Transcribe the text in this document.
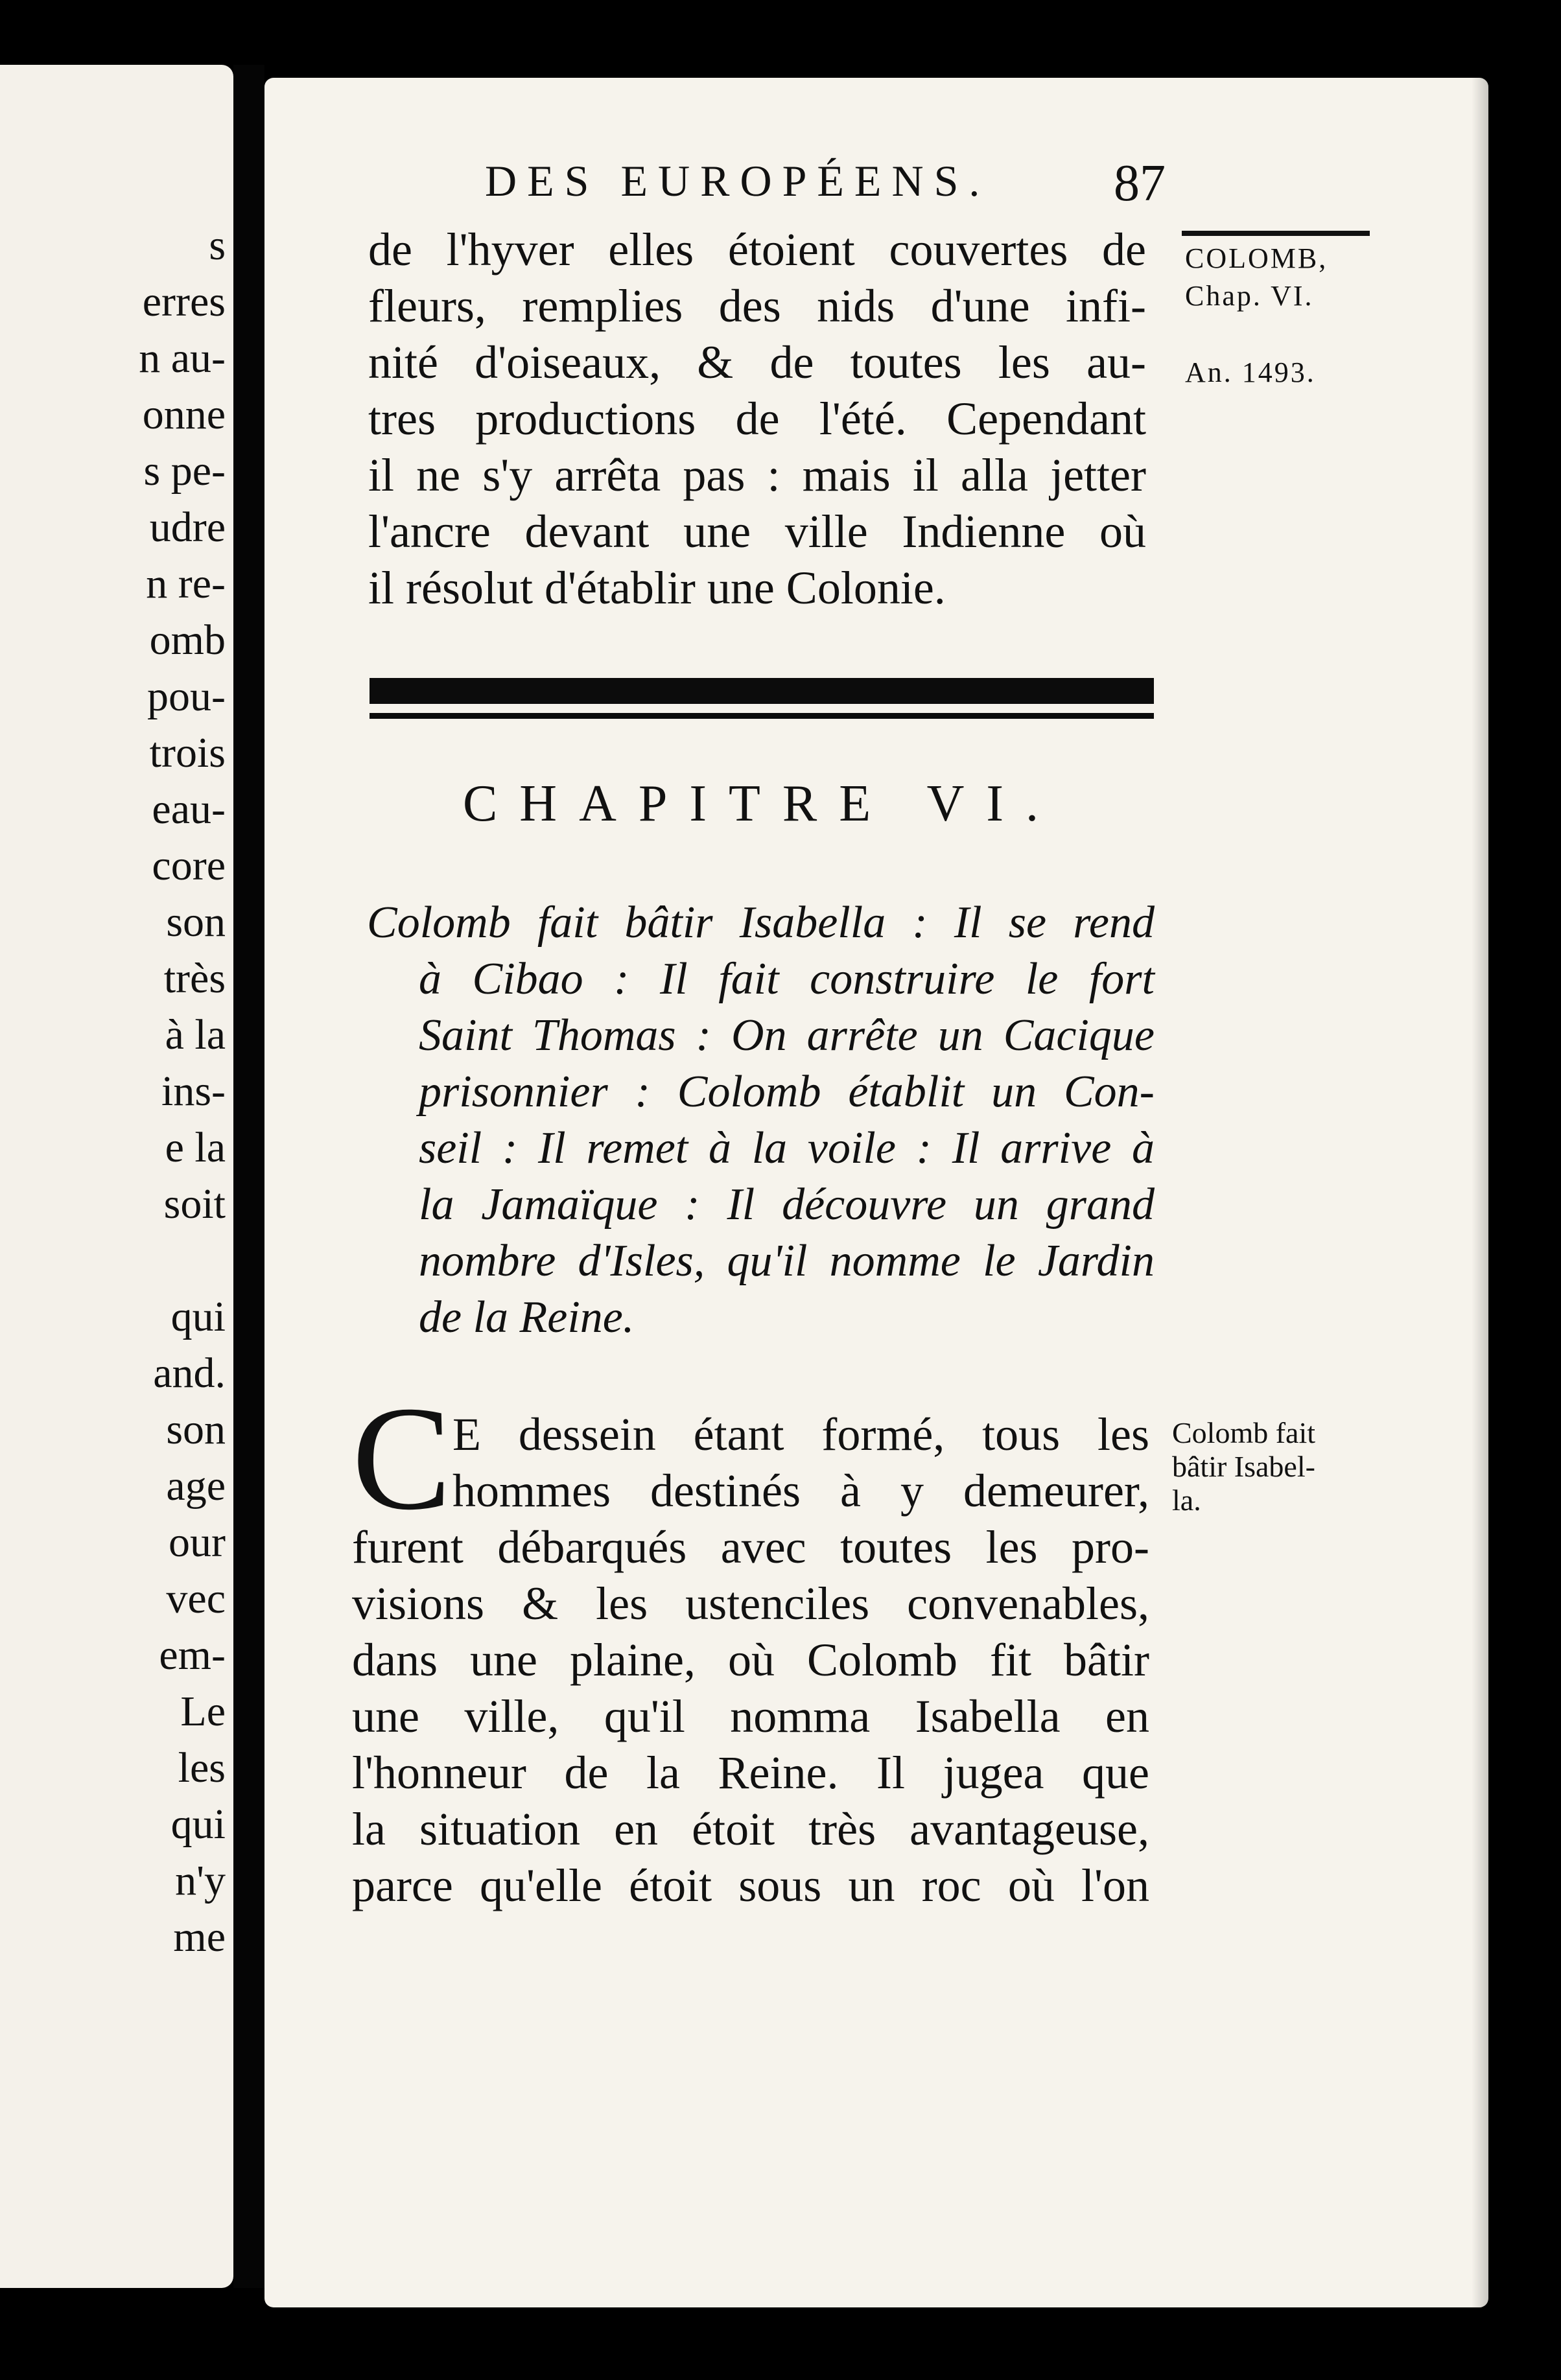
s
erres
n au-
onne
s pe-
udre
n re-
omb
pou-
trois
eau-
core
son
très
à la
ins-
e la
soit
qui
and.
son
age
our
vec
em-
Le
les
qui
n'y
me
DES EUROPÉENS. 87
COLOMB,
Chap. VI.
An. 1493.
de l'hyver elles étoient couvertes de
fleurs, remplies des nids d'une infi-
nité d'oiseaux, & de toutes les au-
tres productions de l'été. Cependant
il ne s'y arrêta pas : mais il alla jetter
l'ancre devant une ville Indienne où
il résolut d'établir une Colonie.
CHAPITRE VI.
Colomb fait bâtir Isabella : Il se rend
à Cibao : Il fait construire le fort
Saint Thomas : On arrête un Cacique
prisonnier : Colomb établit un Con-
seil : Il remet à la voile : Il arrive à
la Jamaïque : Il découvre un grand
nombre d'Isles, qu'il nomme le Jardin
de la Reine.
C E dessein étant formé, tous les
hommes destinés à y demeurer,
furent débarqués avec toutes les pro-
visions & les ustenciles convenables,
dans une plaine, où Colomb fit bâtir
une ville, qu'il nomma Isabella en
l'honneur de la Reine. Il jugea que
la situation en étoit très avantageuse,
parce qu'elle étoit sous un roc où l'on
Colomb fait
bâtir Isabel-
la.
